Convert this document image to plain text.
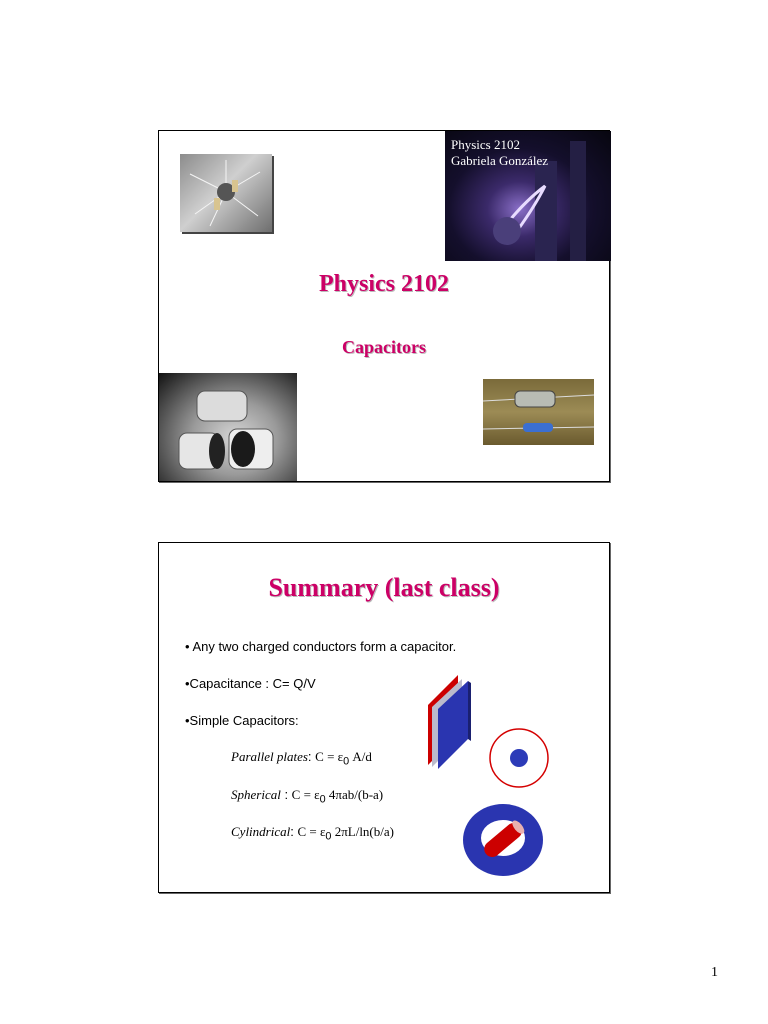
Physics 2102
Gabriela González
Physics 2102
Capacitors
Summary (last class)
• Any two charged conductors form a capacitor.
•Capacitance : C= Q/V
•Simple Capacitors:
Parallel plates: $C = \varepsilon_0$ A/d
Spherical : $C = \varepsilon_0$ 4πab/(b-a)
Cylindrical: $C = \varepsilon_0$ 2πL/ln(b/a)
1
